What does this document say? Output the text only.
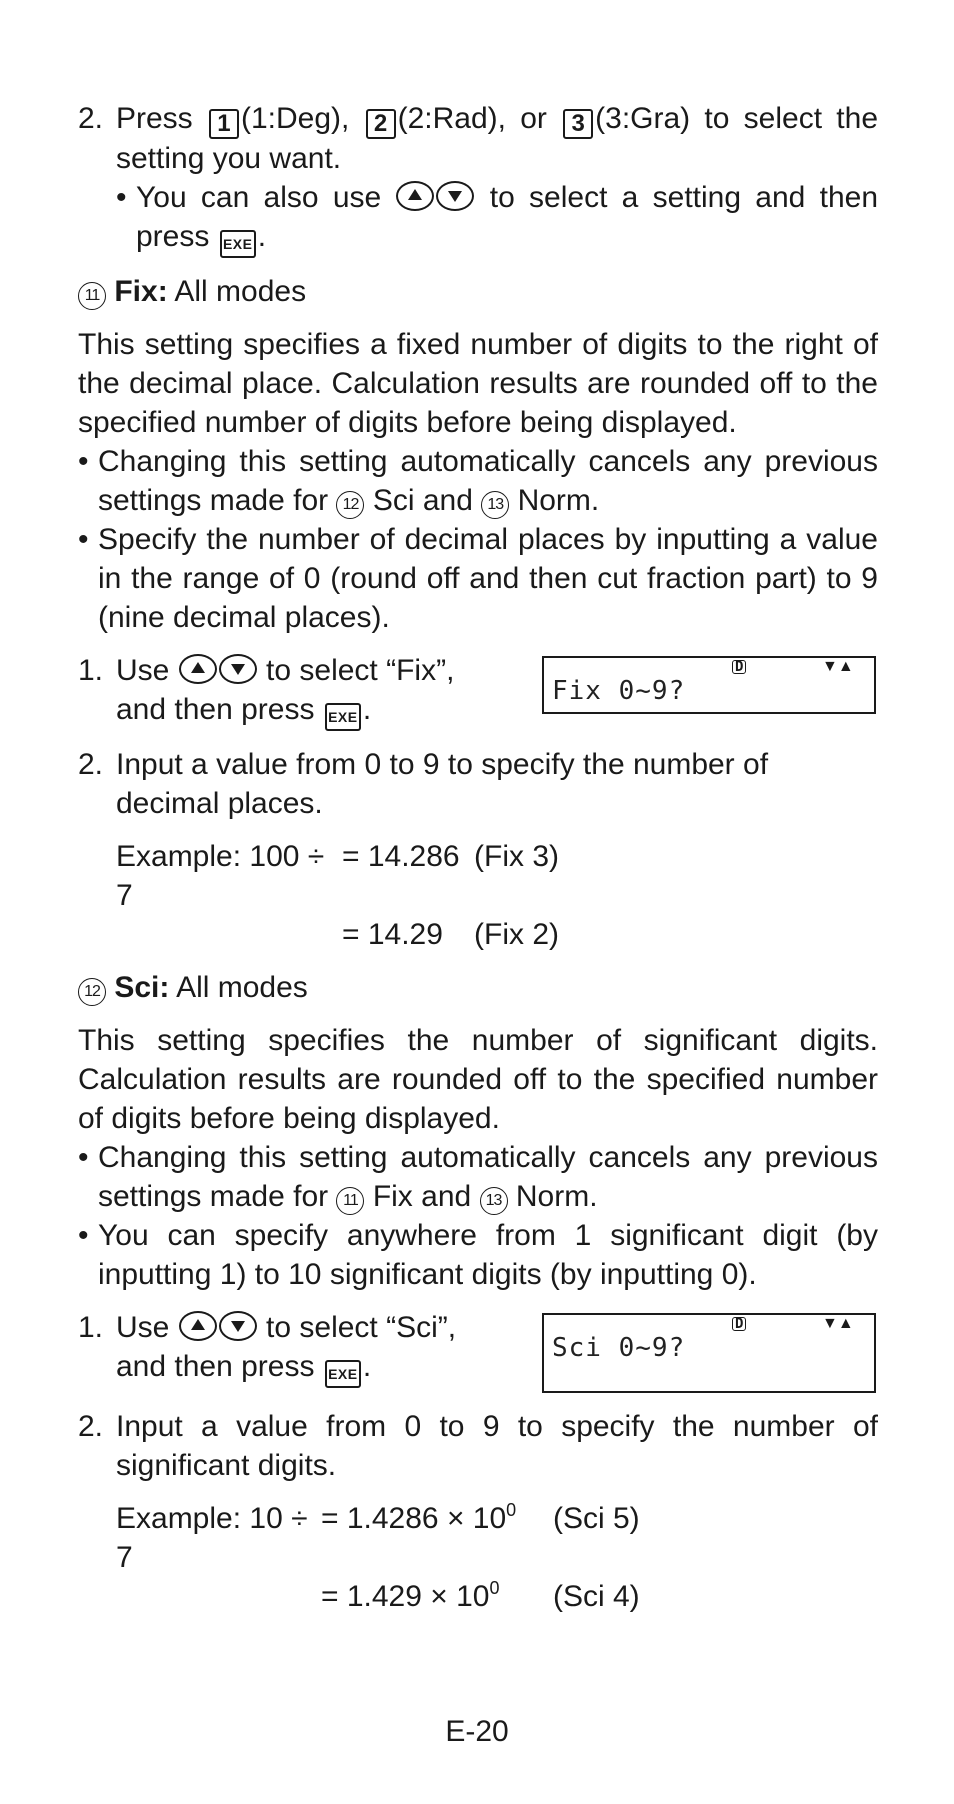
2. Press 1 (1:Deg), 2 (2:Rad), or 3 (3:Gra) to select the setting you want.
• You can also use	to select a setting and then press EXE .
11 Fix: All modes

This setting specifies a fixed number of digits to the right of the decimal place. Calculation results are rounded off to the specified number of digits before being displayed.

• Changing this setting automatically cancels any previous settings made for 12 Sci and 13 Norm.
• Specify the number of decimal places by inputting a value in the range of 0 (round off and then cut fraction part) to 9 (nine decimal places).
1. Use	to select “Fix”, and then press EXE .
D	▼▲
Fix 0~9?
2. Input a value from 0 to 9 to specify the number of decimal places.
Example: 100 ÷ 7
= 14.286 (Fix 3)
= 14.29	(Fix 2)
12 Sci: All modes

This setting specifies the number of significant digits. Calculation results are rounded off to the specified number of digits before being displayed.

• Changing this setting automatically cancels any previous settings made for 11 Fix and 13 Norm.
• You can specify anywhere from 1 significant digit (by inputting 1) to 10 significant digits (by inputting 0).
1. Use	to select “Sci”, and then press EXE .
D	▼▲
Sci 0~9?
2. Input a value from 0 to 9 to specify the number of significant digits.
Example: 10 ÷ 7
= $1.4286 \times 10^0$	(Sci 5)
= $1.429 \times 10^0$	(Sci 4)
E-20
